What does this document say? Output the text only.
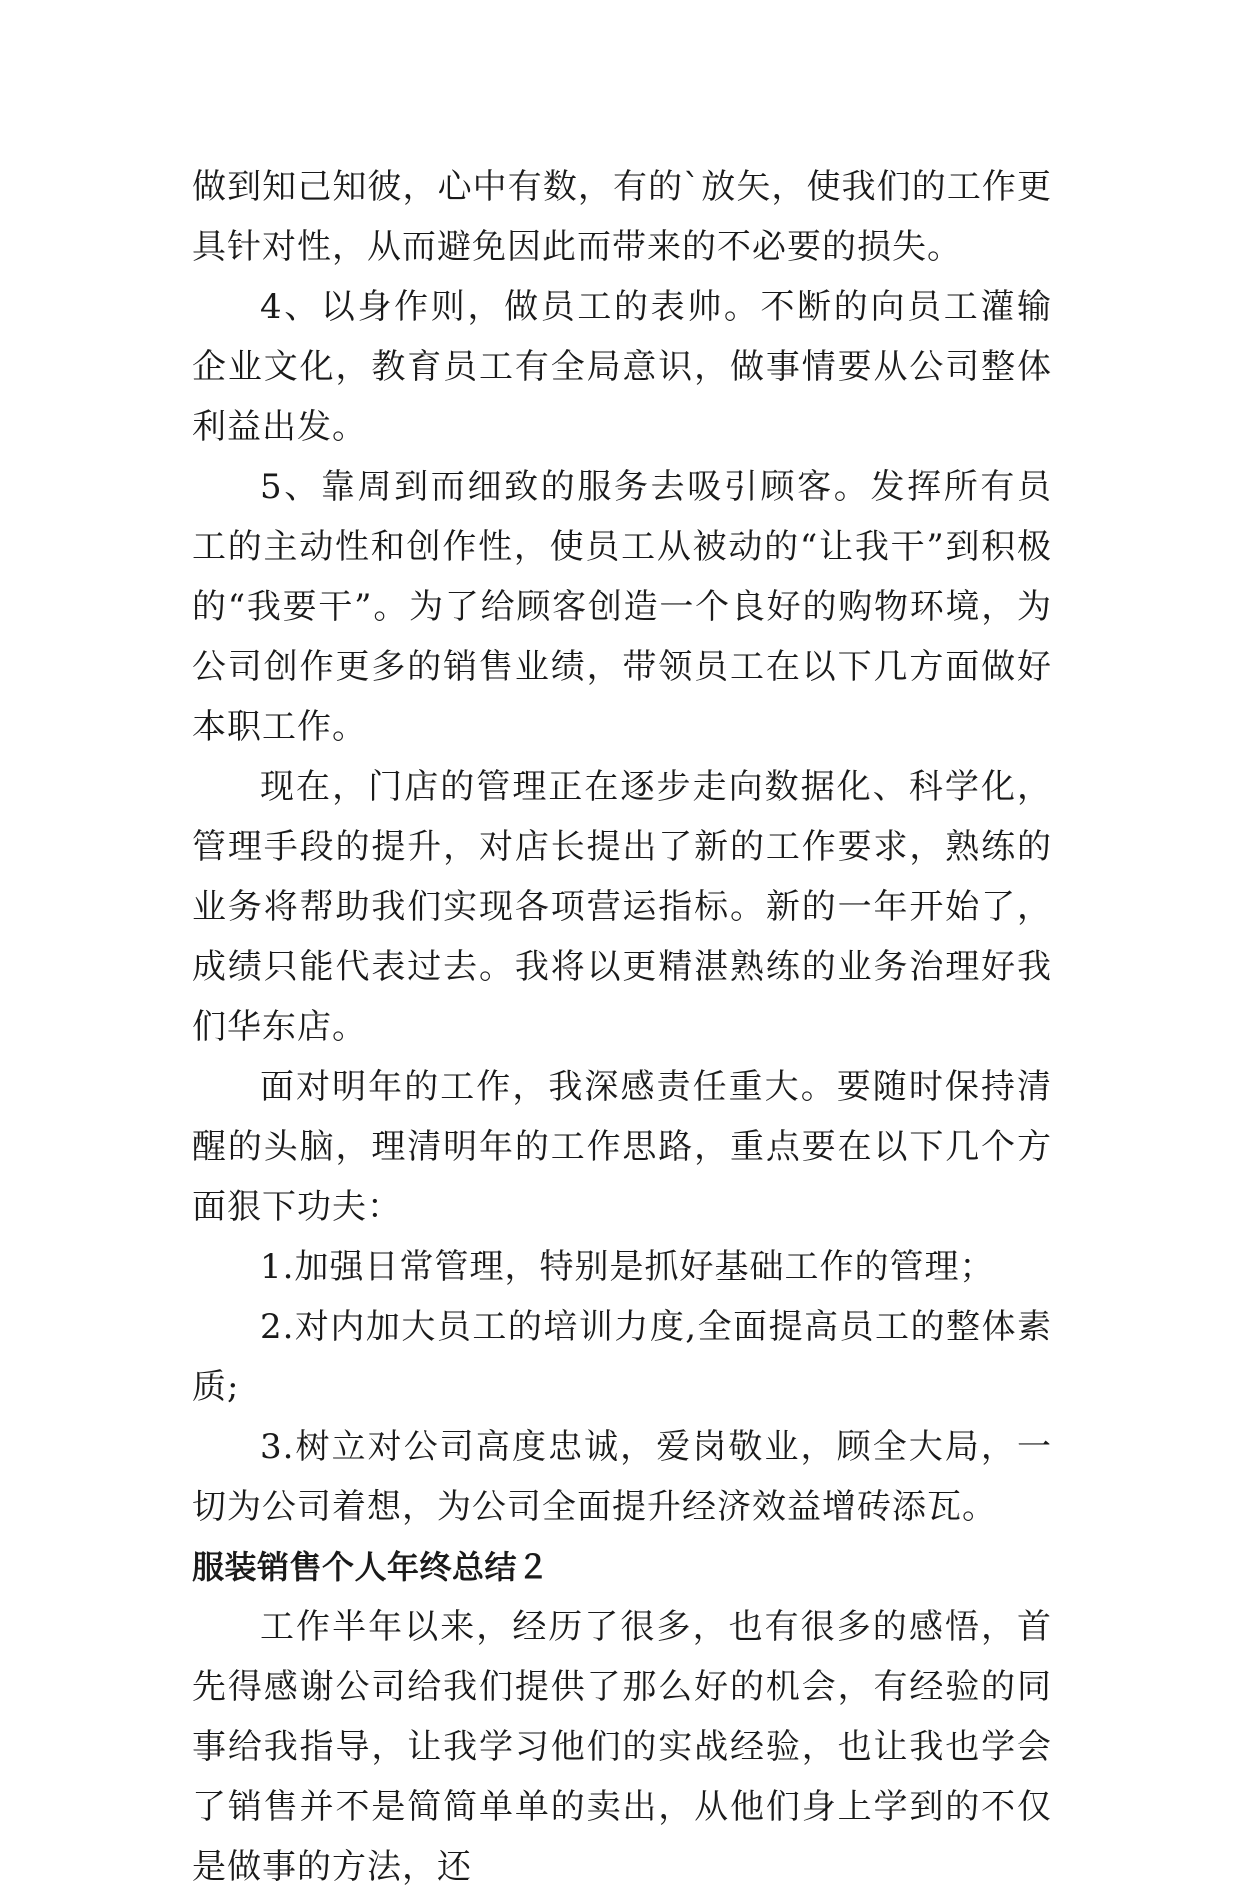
做到知己知彼，心中有数，有的`放矢，使我们的工作更具针对性，从而避免因此而带来的不必要的损失。

4、以身作则，做员工的表帅。不断的向员工灌输企业文化，教育员工有全局意识，做事情要从公司整体利益出发。

5、靠周到而细致的服务去吸引顾客。发挥所有员工的主动性和创作性，使员工从被动的“让我干”到积极的“我要干”。为了给顾客创造一个良好的购物环境，为公司创作更多的销售业绩，带领员工在以下几方面做好本职工作。

现在，门店的管理正在逐步走向数据化、科学化，管理手段的提升，对店长提出了新的工作要求，熟练的业务将帮助我们实现各项营运指标。新的一年开始了，成绩只能代表过去。我将以更精湛熟练的业务治理好我们华东店。

面对明年的工作，我深感责任重大。要随时保持清醒的头脑，理清明年的工作思路，重点要在以下几个方面狠下功夫：

1.加强日常管理，特别是抓好基础工作的管理；

2.对内加大员工的培训力度,全面提高员工的整体素质;

3.树立对公司高度忠诚，爱岗敬业，顾全大局，一切为公司着想，为公司全面提升经济效益增砖添瓦。

服装销售个人年终总结２

工作半年以来，经历了很多，也有很多的感悟，首先得感谢公司给我们提供了那么好的机会，有经验的同事给我指导，让我学习他们的实战经验，也让我也学会了销售并不是简简单单的卖出，从他们身上学到的不仅是做事的方法，还
